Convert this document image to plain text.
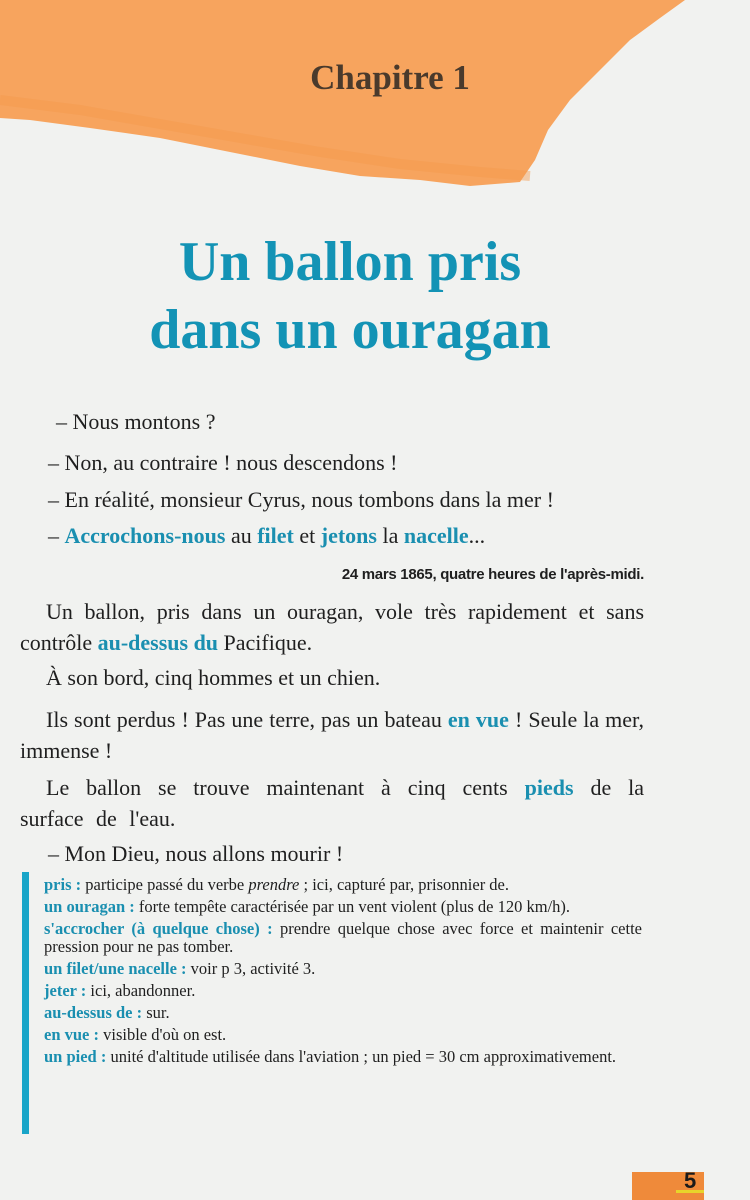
Chapitre 1
Un ballon pris
dans un ouragan
– Nous montons ?
– Non, au contraire ! nous descendons !
– En réalité, monsieur Cyrus, nous tombons dans la mer !
– Accrochons-nous au filet et jetons la nacelle...
24 mars 1865, quatre heures de l'après-midi.
Un ballon, pris dans un ouragan, vole très rapidement et sans contrôle au-dessus du Pacifique.
À son bord, cinq hommes et un chien.
Ils sont perdus ! Pas une terre, pas un bateau en vue ! Seule la mer, immense !
Le ballon se trouve maintenant à cinq cents pieds de la surface de l'eau.
– Mon Dieu, nous allons mourir !
pris : participe passé du verbe prendre ; ici, capturé par, prisonnier de.
un ouragan : forte tempête caractérisée par un vent violent (plus de 120 km/h).
s'accrocher (à quelque chose) : prendre quelque chose avec force et maintenir cette pression pour ne pas tomber.
un filet/une nacelle : voir p 3, activité 3.
jeter : ici, abandonner.
au-dessus de : sur.
en vue : visible d'où on est.
un pied : unité d'altitude utilisée dans l'aviation ; un pied = 30 cm approximativement.
5
